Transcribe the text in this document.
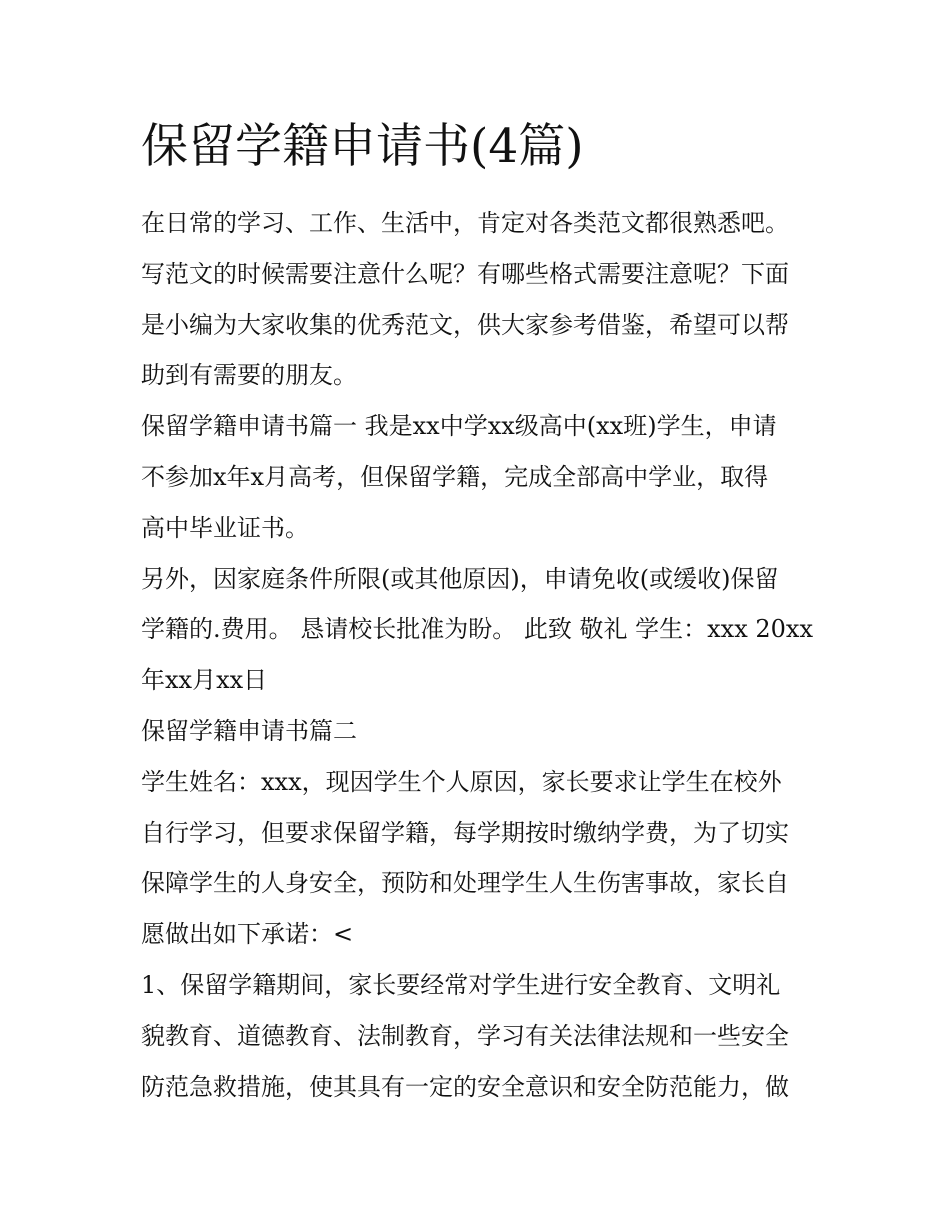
保留学籍申请书(4篇)
在日常的学习、工作、生活中，肯定对各类范文都很熟悉吧。
写范文的时候需要注意什么呢？有哪些格式需要注意呢？下面
是小编为大家收集的优秀范文，供大家参考借鉴，希望可以帮
助到有需要的朋友。
保留学籍申请书篇一 我是xx中学xx级高中(xx班)学生，申请
不参加x年x月高考，但保留学籍，完成全部高中学业，取得
高中毕业证书。
另外，因家庭条件所限(或其他原因)，申请免收(或缓收)保留
学籍的.费用。 恳请校长批准为盼。 此致 敬礼 学生：xxx 20xx
年xx月xx日
保留学籍申请书篇二
学生姓名：xxx，现因学生个人原因，家长要求让学生在校外
自行学习，但要求保留学籍，每学期按时缴纳学费，为了切实
保障学生的人身安全，预防和处理学生人生伤害事故，家长自
愿做出如下承诺：<
1、保留学籍期间，家长要经常对学生进行安全教育、文明礼
貌教育、道德教育、法制教育，学习有关法律法规和一些安全
防范急救措施，使其具有一定的安全意识和安全防范能力，做
